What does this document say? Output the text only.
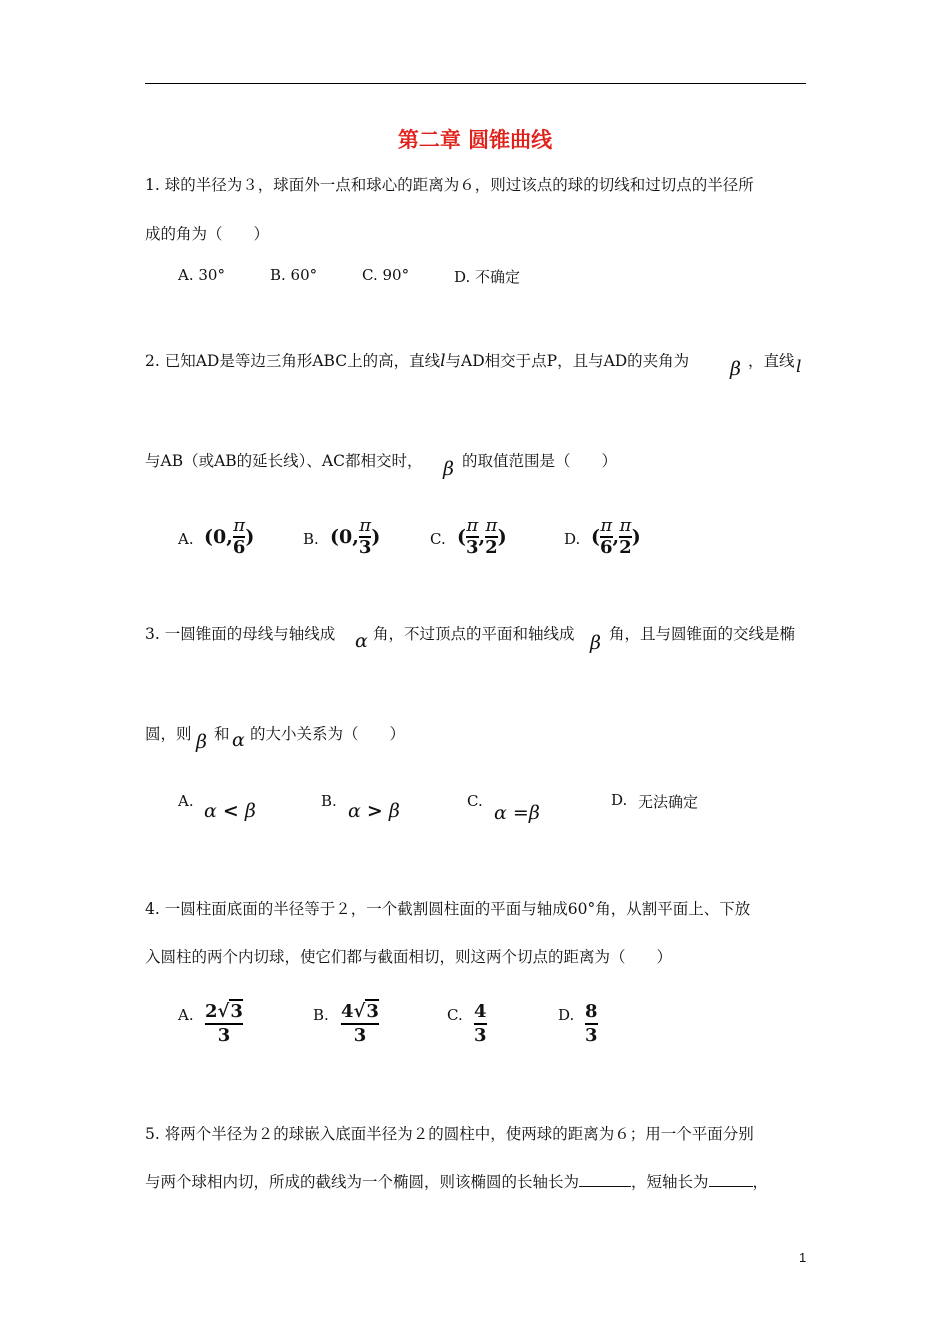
第二章 圆锥曲线
1. 球的半径为３，球面外一点和球心的距离为６，则过该点的球的切线和过切点的半径所
成的角为（　　）
A. 30°	B. 60°	C. 90°	D. 不确定
2. 已知AD是等边三角形ABC上的高，直线l与AD相交于点P，且与AD的夹角为 β ，直线 l
与AB（或AB的延长线）、AC都相交时， β 的取值范围是（　　）
A. (0, $\frac{\pi}{6}$ )	B. (0, $\frac{\pi}{3}$ )	C. ( $\frac{\pi}{3}$ , $\frac{\pi}{2}$ )	D. ( $\frac{\pi}{6}$ , $\frac{\pi}{2}$ )
3. 一圆锥面的母线与轴线成 α 角，不过顶点的平面和轴线成 β 角，且与圆锥面的交线是椭
圆，则 β 和 α 的大小关系为（　　）
A. α < β	B. α > β	C.
α =β
D. 无法确定
4. 一圆柱面底面的半径等于２，一个截割圆柱面的平面与轴成60°角，从割平面上、下放
入圆柱的两个内切球，使它们都与截面相切，则这两个切点的距离为（　　）
A. $\frac{2√3}{3}$	B. $\frac{4√3}{3}$	C. $\frac{4}{3}$	D. $\frac{8}{3}$
5. 将两个半径为２的球嵌入底面半径为２的圆柱中，使两球的距离为６；用一个平面分别
与两个球相内切，所成的截线为一个椭圆，则该椭圆的长轴长为	，短轴长为	，
1
